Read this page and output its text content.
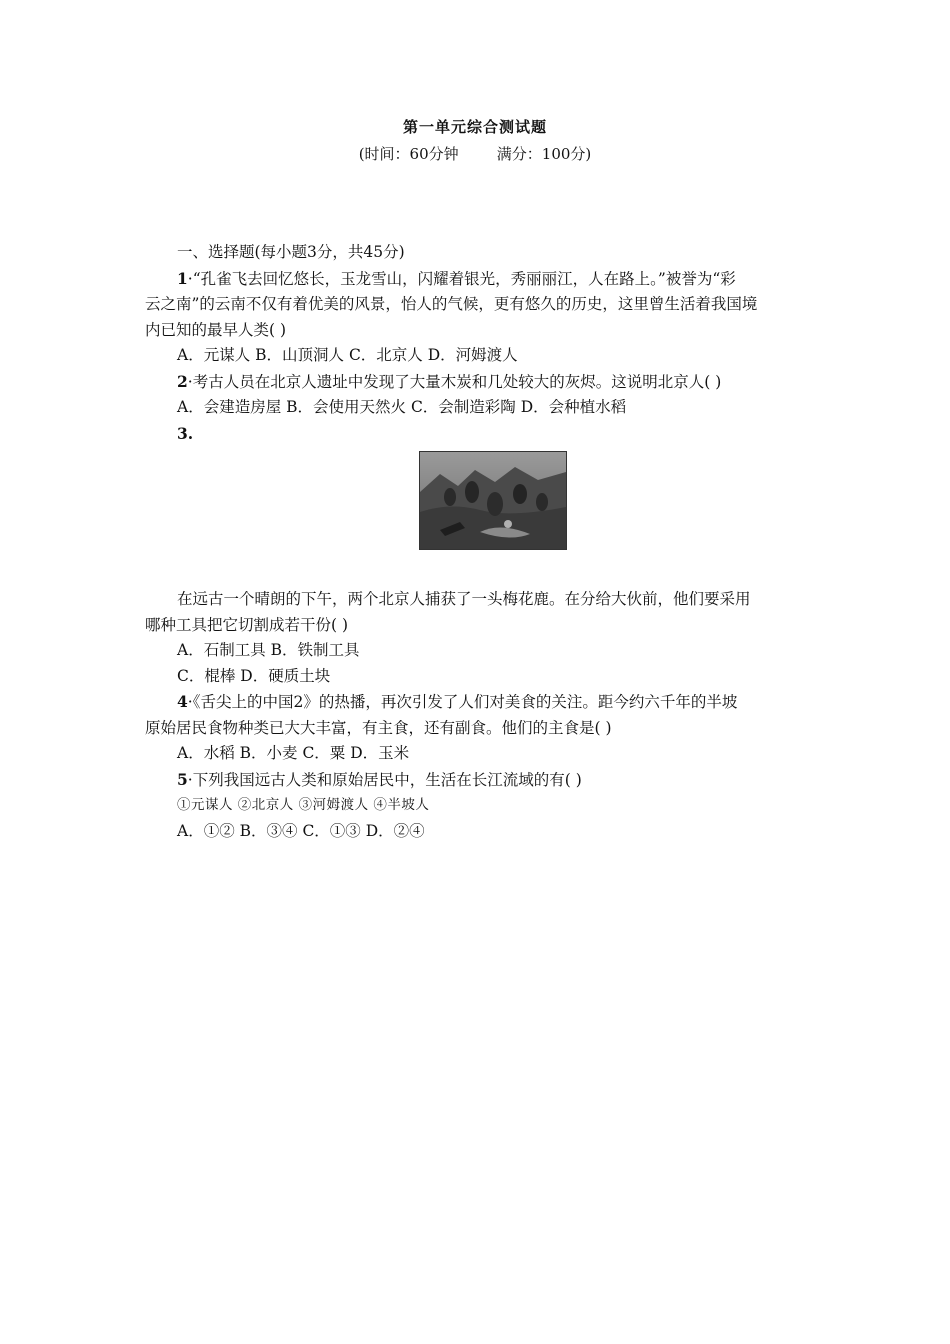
第一单元综合测试题
(时间：60分钟        满分：100分)
一、选择题(每小题3分，共45分)
1·“孔雀飞去回忆悠长，玉龙雪山，闪耀着银光，秀丽丽江，人在路上。”被誉为“彩
云之南”的云南不仅有着优美的风景，怡人的气候，更有悠久的历史，这里曾生活着我国境
内已知的最早人类( )
A．元谋人 B．山顶洞人 C．北京人 D．河姆渡人
2·考古人员在北京人遗址中发现了大量木炭和几处较大的灰烬。这说明北京人( )
A．会建造房屋 B．会使用天然火 C．会制造彩陶 D．会种植水稻
3.
在远古一个晴朗的下午，两个北京人捕获了一头梅花鹿。在分给大伙前，他们要采用
哪种工具把它切割成若干份( )
A．石制工具 B．铁制工具
C．棍棒 D．硬质土块
4·《舌尖上的中国2》的热播，再次引发了人们对美食的关注。距今约六千年的半坡
原始居民食物种类已大大丰富，有主食，还有副食。他们的主食是( )
A．水稻 B．小麦 C．粟 D．玉米
5·下列我国远古人类和原始居民中，生活在长江流域的有( )
①元谋人 ②北京人 ③河姆渡人 ④半坡人
A．①② B．③④ C．①③ D．②④
